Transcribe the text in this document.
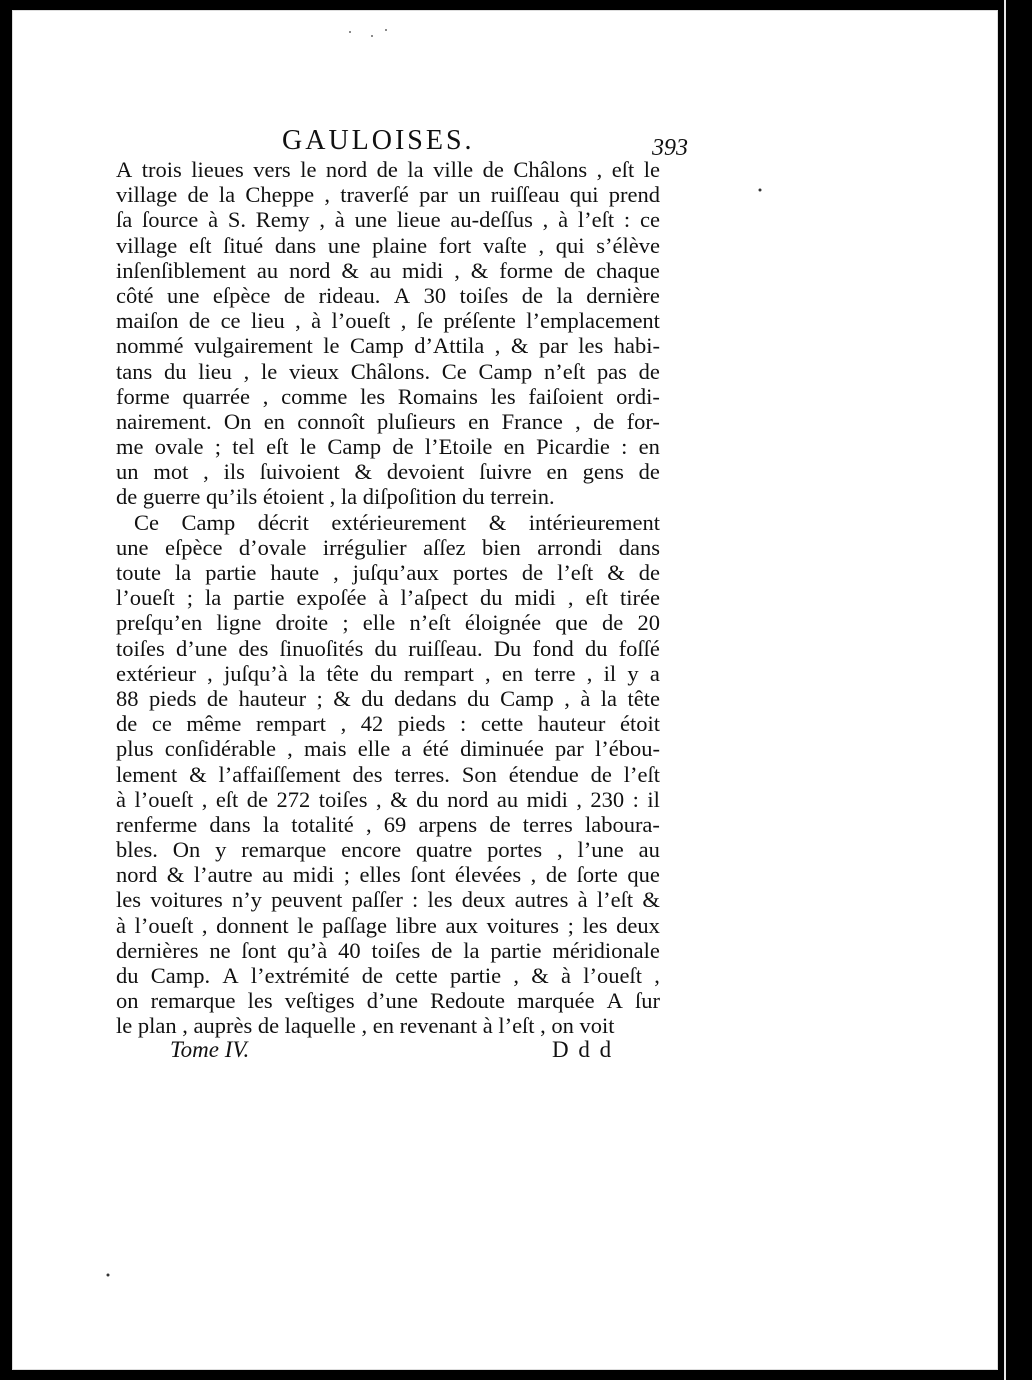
GAULOISES.	393
A trois lieues vers le nord de la ville de Châlons , eſt le
village de la Cheppe , traverſé par un ruiſſeau qui prend
ſa ſource à S. Remy , à une lieue au-deſſus , à l’eſt : ce
village eſt ſitué dans une plaine fort vaſte , qui s’élève
inſenſiblement au nord & au midi , & forme de chaque
côté une eſpèce de rideau. A 30 toiſes de la dernière
maiſon de ce lieu , à l’oueſt , ſe préſente l’emplacement
nommé vulgairement le Camp d’Attila , & par les habi-
tans du lieu , le vieux Châlons. Ce Camp n’eſt pas de
forme quarrée , comme les Romains les faiſoient ordi-
nairement. On en connoît pluſieurs en France , de for-
me ovale ; tel eſt le Camp de l’Etoile en Picardie : en
un mot , ils ſuivoient & devoient ſuivre en gens de
de guerre qu’ils étoient , la diſpoſition du terrein.
Ce Camp décrit extérieurement & intérieurement
une eſpèce d’ovale irrégulier aſſez bien arrondi dans
toute la partie haute , juſqu’aux portes de l’eſt & de
l’oueſt ; la partie expoſée à l’aſpect du midi , eſt tirée
preſqu’en ligne droite ; elle n’eſt éloignée que de 20
toiſes d’une des ſinuoſités du ruiſſeau. Du fond du foſſé
extérieur , juſqu’à la tête du rempart , en terre , il y a
88 pieds de hauteur ; & du dedans du Camp , à la tête
de ce même rempart , 42 pieds : cette hauteur étoit
plus conſidérable , mais elle a été diminuée par l’ébou-
lement & l’affaiſſement des terres. Son étendue de l’eſt
à l’oueſt , eſt de 272 toiſes , & du nord au midi , 230 : il
renferme dans la totalité , 69 arpens de terres laboura-
bles. On y remarque encore quatre portes , l’une au
nord & l’autre au midi ; elles ſont élevées , de ſorte que
les voitures n’y peuvent paſſer : les deux autres à l’eſt &
à l’oueſt , donnent le paſſage libre aux voitures ; les deux
dernières ne ſont qu’à 40 toiſes de la partie méridionale
du Camp. A l’extrémité de cette partie , & à l’oueſt ,
on remarque les veſtiges d’une Redoute marquée A ſur
le plan , auprès de laquelle , en revenant à l’eſt , on voit
Tome IV.	D d d
